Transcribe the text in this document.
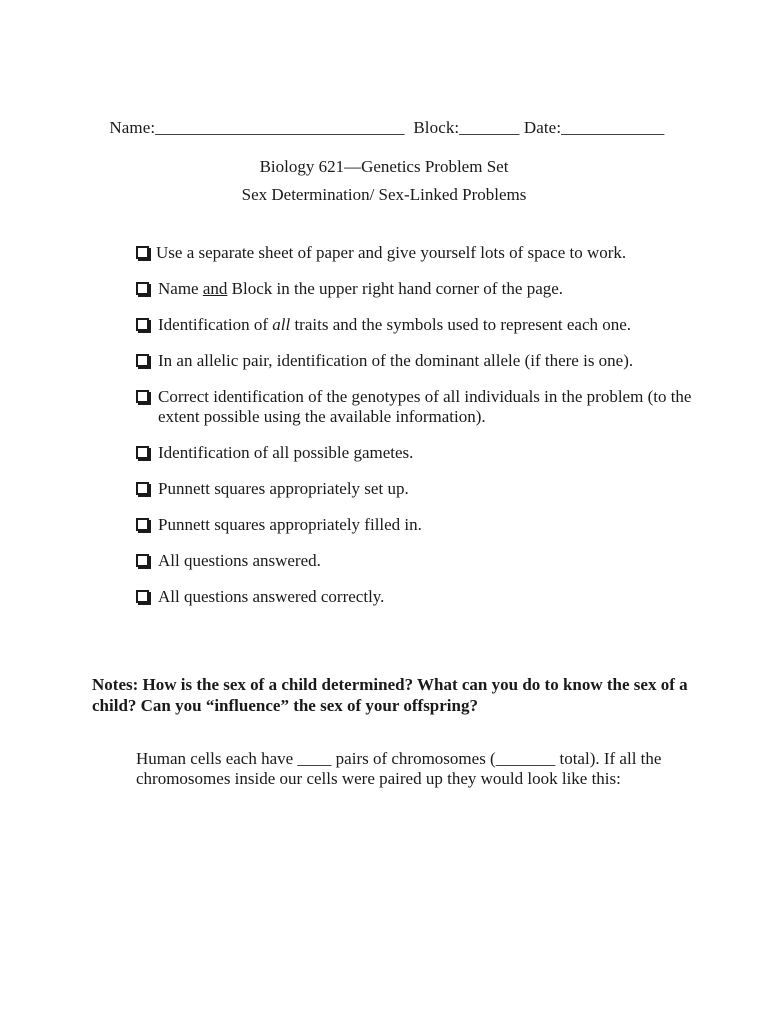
Name:_____________________________ Block:_______ Date:____________

Biology 621—Genetics Problem Set
Sex Determination/ Sex-Linked Problems
Use a separate sheet of paper and give yourself lots of space to work.
Name and Block in the upper right hand corner of the page.
Identification of all traits and the symbols used to represent each one.
In an allelic pair, identification of the dominant allele (if there is one).
Correct identification of the genotypes of all individuals in the problem (to the extent possible using the available information).
Identification of all possible gametes.
Punnett squares appropriately set up.
Punnett squares appropriately filled in.
All questions answered.
All questions answered correctly.
Notes: How is the sex of a child determined? What can you do to know the sex of a child? Can you “influence” the sex of your offspring?
Human cells each have ____ pairs of chromosomes (_______ total). If all the chromosomes inside our cells were paired up they would look like this:
